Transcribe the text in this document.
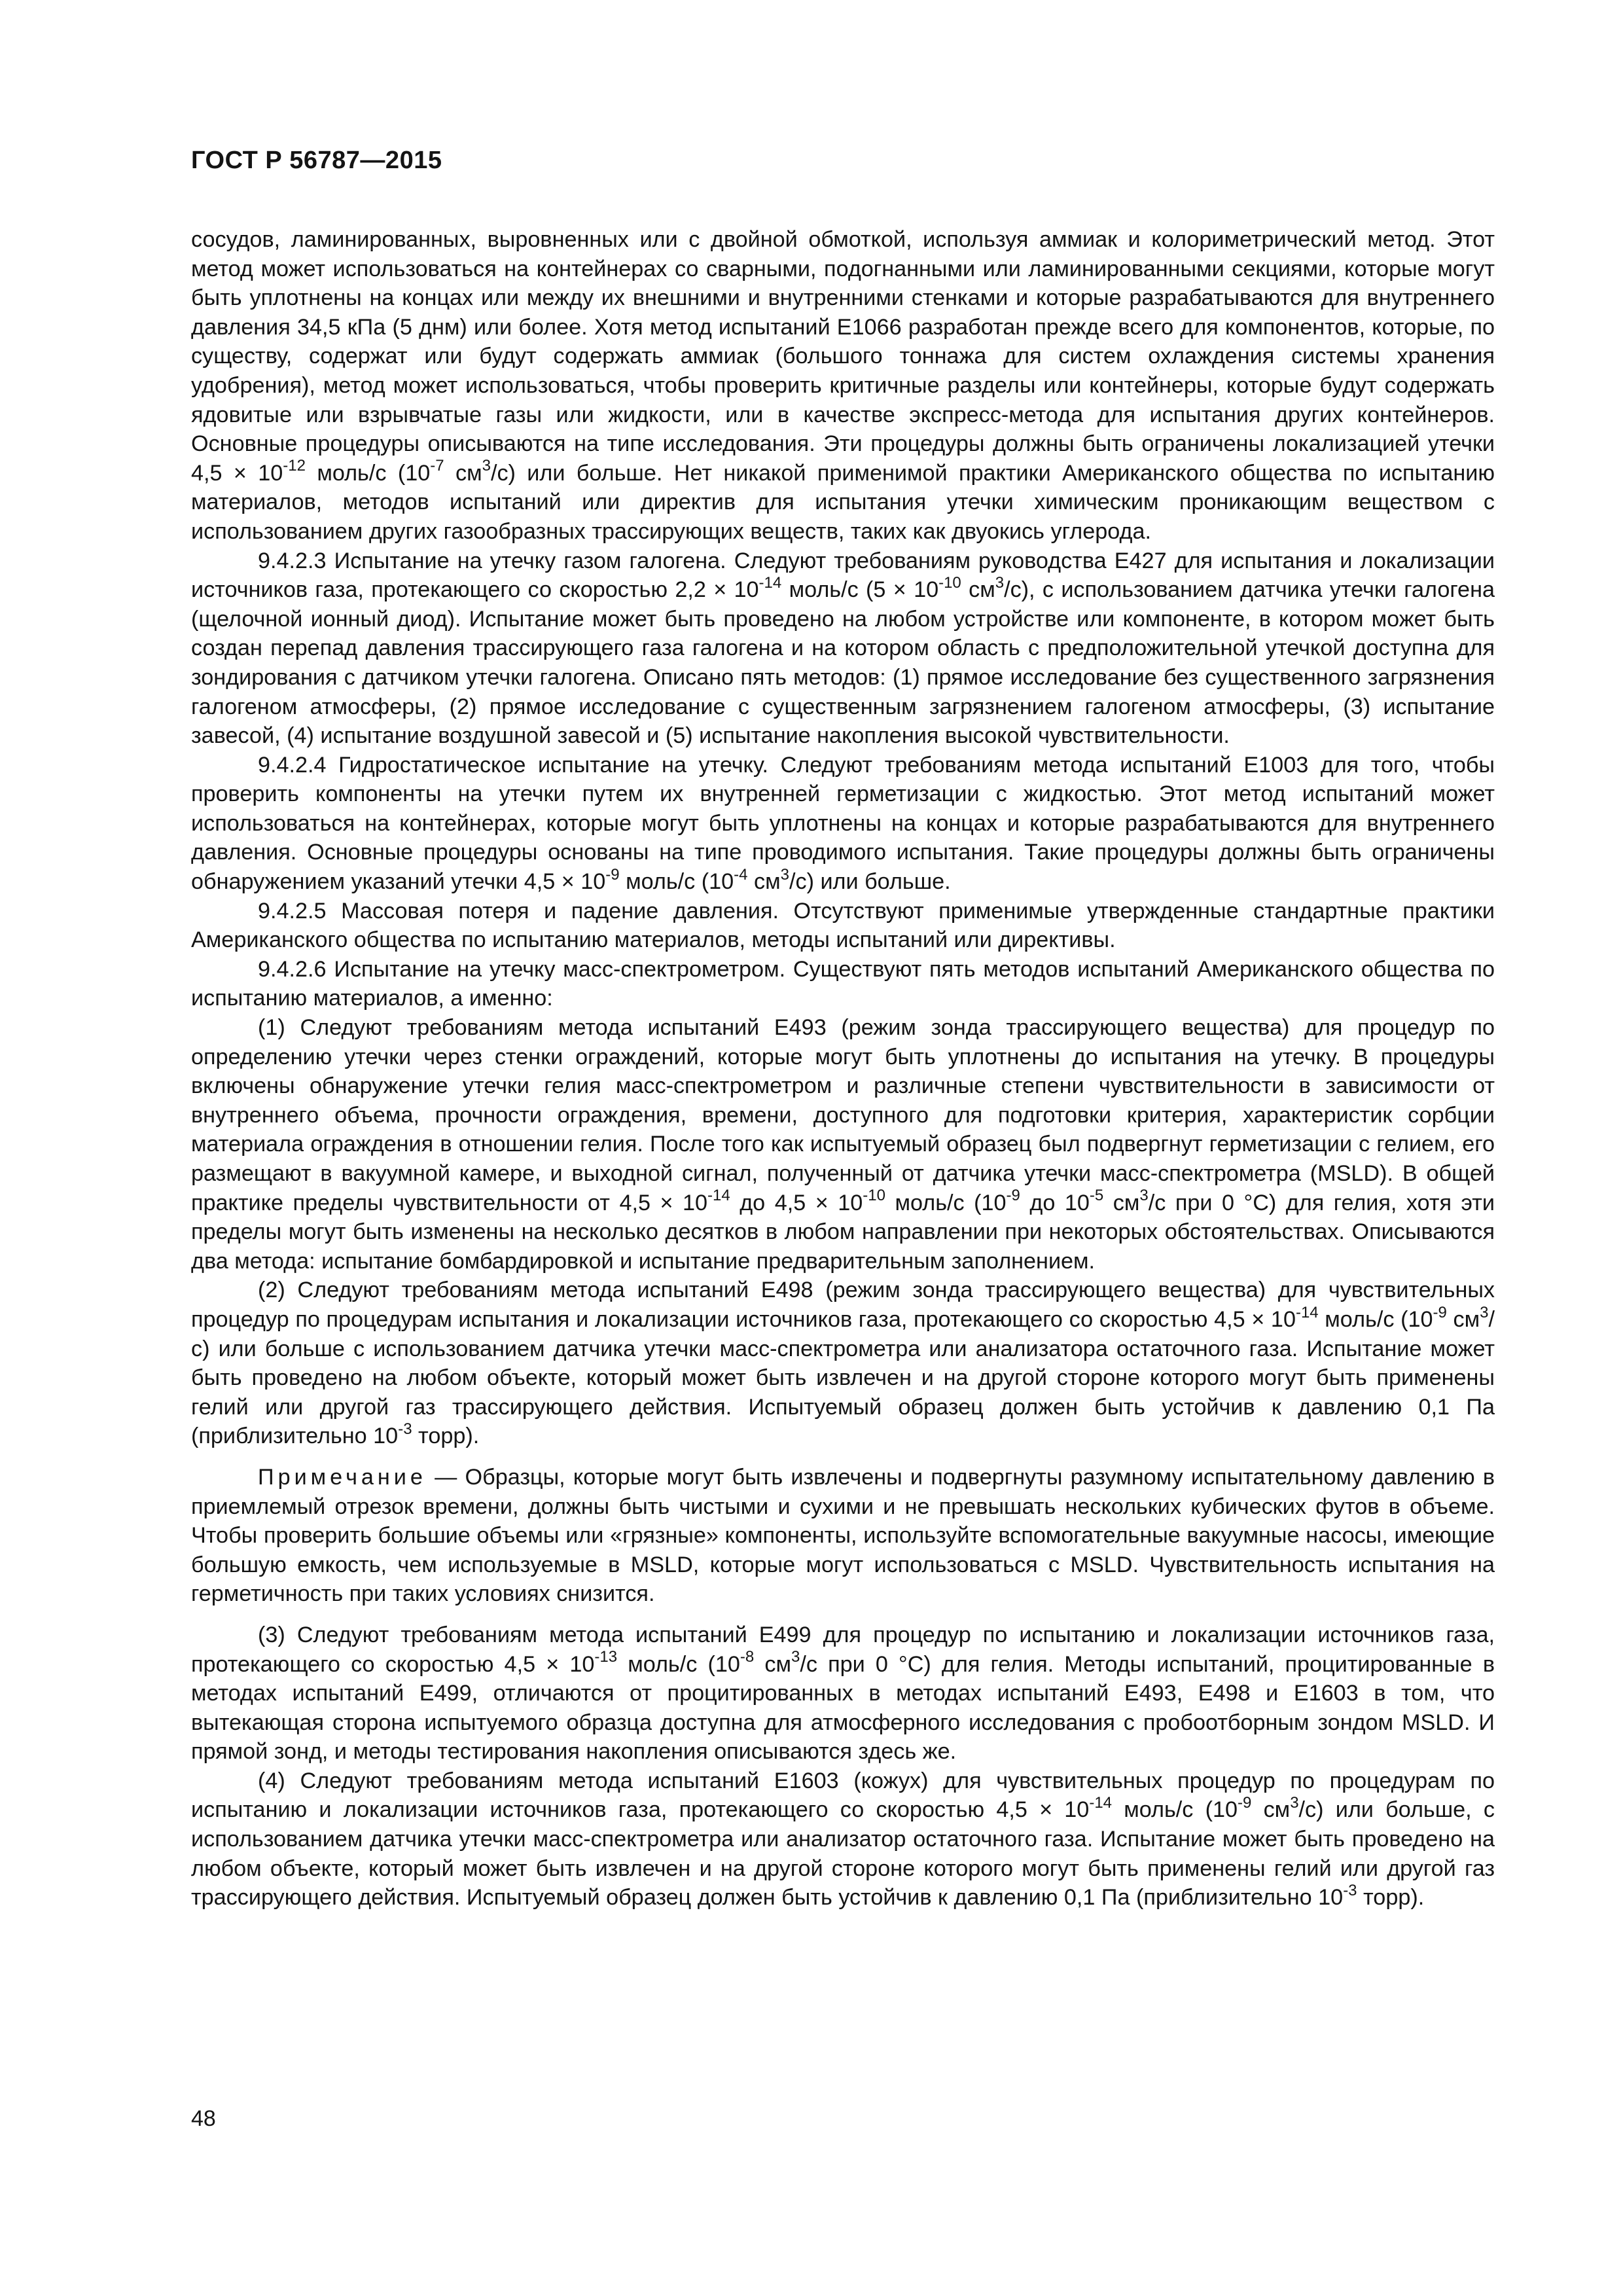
ГОСТ Р 56787—2015

сосудов, ламинированных, выровненных или с двойной обмоткой, используя аммиак и колориметрический метод. Этот метод может использоваться на контейнерах со сварными, подогнанными или ламинированными секциями, которые могут быть уплотнены на концах или между их внешними и внутренними стенками и которые разрабатываются для внутреннего давления 34,5 кПа (5 днм) или более. Хотя метод испытаний E1066 разработан прежде всего для компонентов, которые, по существу, содержат или будут содержать аммиак (большого тоннажа для систем охлаждения системы хранения удобрения), метод может использоваться, чтобы проверить критичные разделы или контейнеры, которые будут содержать ядовитые или взрывчатые газы или жидкости, или в качестве экспресс-метода для испытания других контейнеров. Основные процедуры описываются на типе исследования. Эти процедуры должны быть ограничены локализацией утечки $4,5 \times 10^{-12}$ моль/с ($10^{-7}$ $см^3/с$) или больше. Нет никакой применимой практики Американского общества по испытанию материалов, методов испытаний или директив для испытания утечки химическим проникающим веществом с использованием других газообразных трассирующих веществ, таких как двуокись углерода.

9.4.2.3 Испытание на утечку газом галогена. Следуют требованиям руководства E427 для испытания и локализации источников газа, протекающего со скоростью $2,2 \times 10^{-14}$ моль/с ($5 \times 10^{-10}$ $см^3/с$), с использованием датчика утечки галогена (щелочной ионный диод). Испытание может быть проведено на любом устройстве или компоненте, в котором может быть создан перепад давления трассирующего газа галогена и на котором область с предположительной утечкой доступна для зондирования с датчиком утечки галогена. Описано пять методов: (1) прямое исследование без существенного загрязнения галогеном атмосферы, (2) прямое исследование с существенным загрязнением галогеном атмосферы, (3) испытание завесой, (4) испытание воздушной завесой и (5) испытание накопления высокой чувствительности.

9.4.2.4 Гидростатическое испытание на утечку. Следуют требованиям метода испытаний E1003 для того, чтобы проверить компоненты на утечки путем их внутренней герметизации с жидкостью. Этот метод испытаний может использоваться на контейнерах, которые могут быть уплотнены на концах и которые разрабатываются для внутреннего давления. Основные процедуры основаны на типе проводимого испытания. Такие процедуры должны быть ограничены обнаружением указаний утечки $4,5 \times 10^{-9}$ моль/с ($10^{-4}$ $см^3/с$) или больше.

9.4.2.5 Массовая потеря и падение давления. Отсутствуют применимые утвержденные стандартные практики Американского общества по испытанию материалов, методы испытаний или директивы.

9.4.2.6 Испытание на утечку масс-спектрометром. Существуют пять методов испытаний Американского общества по испытанию материалов, а именно:

(1) Следуют требованиям метода испытаний E493 (режим зонда трассирующего вещества) для процедур по определению утечки через стенки ограждений, которые могут быть уплотнены до испытания на утечку. В процедуры включены обнаружение утечки гелия масс-спектрометром и различные степени чувствительности в зависимости от внутреннего объема, прочности ограждения, времени, доступного для подготовки критерия, характеристик сорбции материала ограждения в отношении гелия. После того как испытуемый образец был подвергнут герметизации с гелием, его размещают в вакуумной камере, и выходной сигнал, полученный от датчика утечки масс-спектрометра (MSLD). В общей практике пределы чувствительности от $4,5 \times 10^{-14}$ до $4,5 \times 10^{-10}$ моль/с ($10^{-9}$ до $10^{-5}$ $см^3/с$ при 0 °С) для гелия, хотя эти пределы могут быть изменены на несколько десятков в любом направлении при некоторых обстоятельствах. Описываются два метода: испытание бомбардировкой и испытание предварительным заполнением.

(2) Следуют требованиям метода испытаний E498 (режим зонда трассирующего вещества) для чувствительных процедур по процедурам испытания и локализации источников газа, протекающего со скоростью $4,5 \times 10^{-14}$ моль/с ($10^{-9}$ $см^3/с$) или больше с использованием датчика утечки масс-спектрометра или анализатора остаточного газа. Испытание может быть проведено на любом объекте, который может быть извлечен и на другой стороне которого могут быть применены гелий или другой газ трассирующего действия. Испытуемый образец должен быть устойчив к давлению 0,1 Па (приблизительно $10^{-3}$ торр).

Примечание — Образцы, которые могут быть извлечены и подвергнуты разумному испытательному давлению в приемлемый отрезок времени, должны быть чистыми и сухими и не превышать нескольких кубических футов в объеме. Чтобы проверить большие объемы или «грязные» компоненты, используйте вспомогательные вакуумные насосы, имеющие большую емкость, чем используемые в MSLD, которые могут использоваться с MSLD. Чувствительность испытания на герметичность при таких условиях снизится.

(3) Следуют требованиям метода испытаний E499 для процедур по испытанию и локализации источников газа, протекающего со скоростью $4,5 \times 10^{-13}$ моль/с ($10^{-8}$ $см^3/с$ при 0 °С) для гелия. Методы испытаний, процитированные в методах испытаний E499, отличаются от процитированных в методах испытаний E493, E498 и E1603 в том, что вытекающая сторона испытуемого образца доступна для атмосферного исследования с пробоотборным зондом MSLD. И прямой зонд, и методы тестирования накопления описываются здесь же.

(4) Следуют требованиям метода испытаний E1603 (кожух) для чувствительных процедур по процедурам по испытанию и локализации источников газа, протекающего со скоростью $4,5 \times 10^{-14}$ моль/с ($10^{-9}$ $см^3/с$) или больше, с использованием датчика утечки масс-спектрометра или анализатор остаточного газа. Испытание может быть проведено на любом объекте, который может быть извлечен и на другой стороне которого могут быть применены гелий или другой газ трассирующего действия. Испытуемый образец должен быть устойчив к давлению 0,1 Па (приблизительно $10^{-3}$ торр).

48
